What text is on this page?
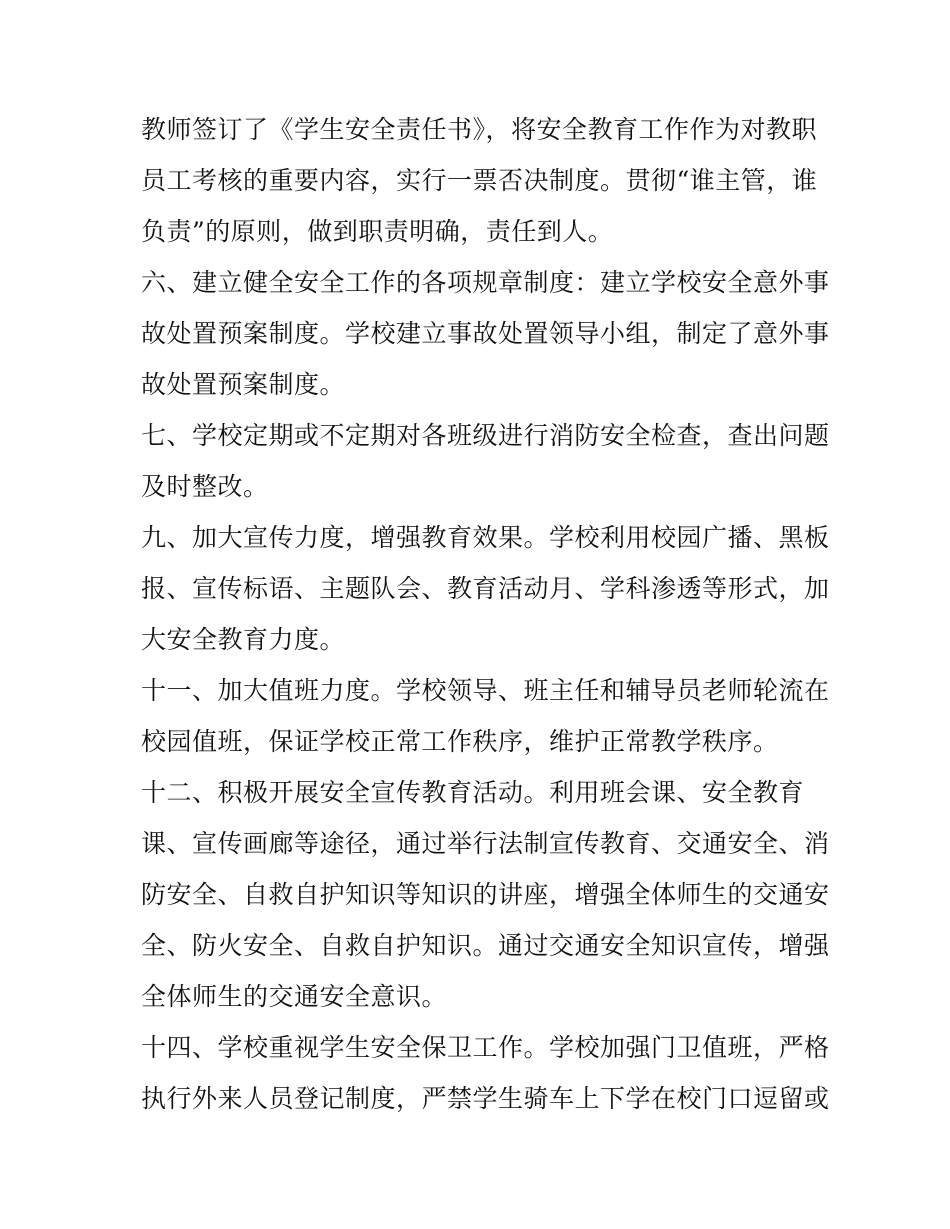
教师签订了《学生安全责任书》，将安全教育工作作为对教职
员工考核的重要内容，实行一票否决制度。贯彻“谁主管，谁
负责”的原则，做到职责明确，责任到人。
六、建立健全安全工作的各项规章制度：建立学校安全意外事
故处置预案制度。学校建立事故处置领导小组，制定了意外事
故处置预案制度。
七、学校定期或不定期对各班级进行消防安全检查，查出问题
及时整改。
九、加大宣传力度，增强教育效果。学校利用校园广播、黑板
报、宣传标语、主题队会、教育活动月、学科渗透等形式，加
大安全教育力度。
十一、加大值班力度。学校领导、班主任和辅导员老师轮流在
校园值班，保证学校正常工作秩序，维护正常教学秩序。
十二、积极开展安全宣传教育活动。利用班会课、安全教育
课、宣传画廊等途径，通过举行法制宣传教育、交通安全、消
防安全、自救自护知识等知识的讲座，增强全体师生的交通安
全、防火安全、自救自护知识。通过交通安全知识宣传，增强
全体师生的交通安全意识。
十四、学校重视学生安全保卫工作。学校加强门卫值班，严格
执行外来人员登记制度，严禁学生骑车上下学在校门口逗留或
